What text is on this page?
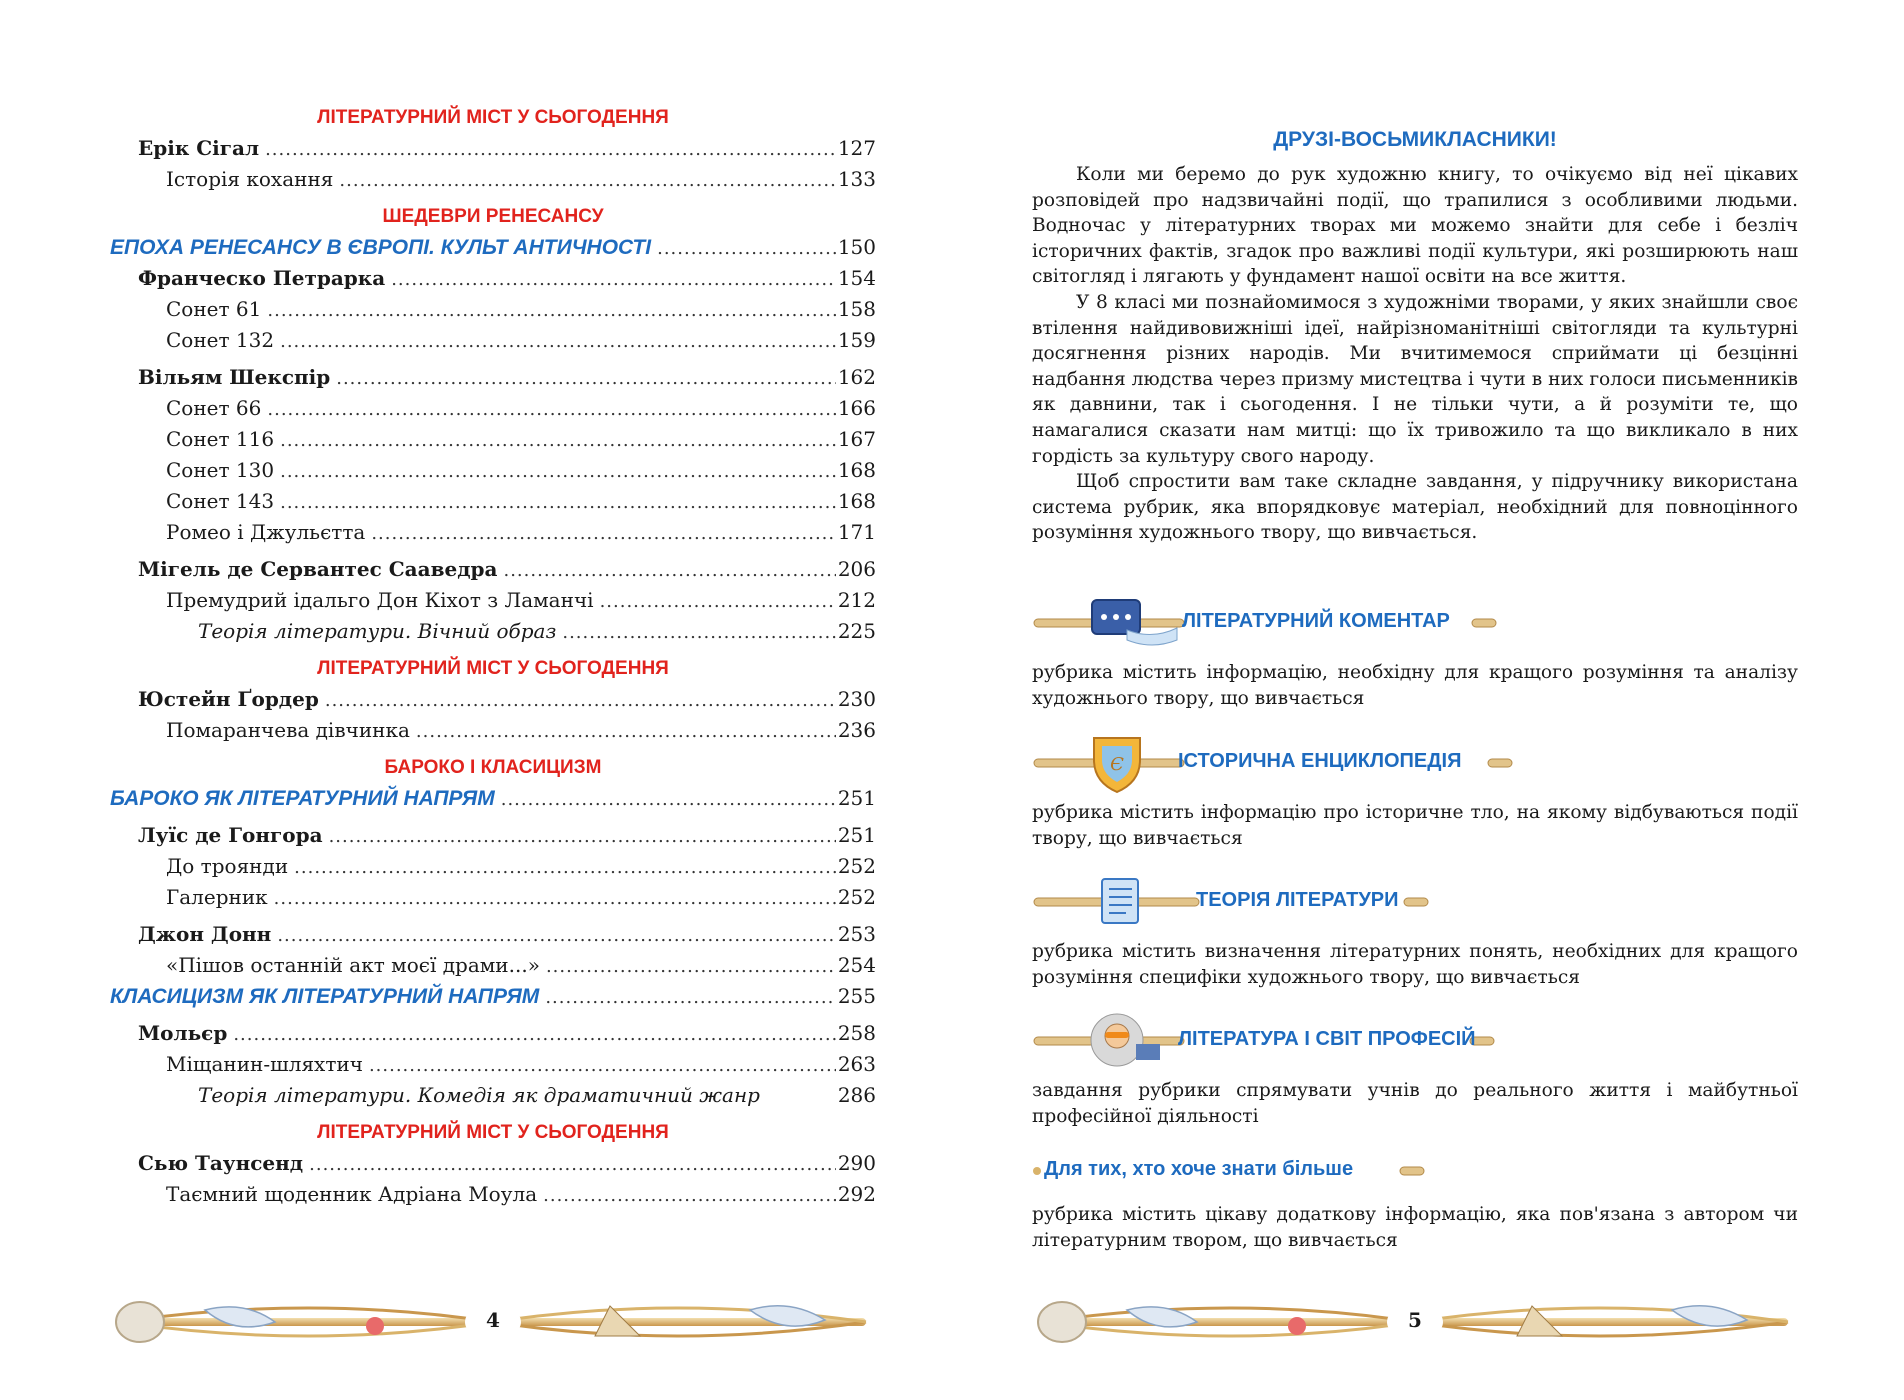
ЛІТЕРАТУРНИЙ МІСТ У СЬОГОДЕННЯ
Ерік Сігал .....	127
Історія кохання .....	133
ШЕДЕВРИ РЕНЕСАНСУ
ЕПОХА РЕНЕСАНСУ В ЄВРОПІ. КУЛЬТ АНТИЧНОСТІ .....	150
Франческо Петрарка .....	154
Сонет 61 .....	158
Сонет 132 .....	159
Вільям Шекспір .....	162
Сонет 66 .....	166
Сонет 116 .....	167
Сонет 130 .....	168
Сонет 143 .....	168
Ромео і Джульєтта .....	171
Мігель де Сервантес Сааведра .....	206
Премудрий ідальго Дон Кіхот з Ламанчі .....	212
Теорія літератури. Вічний образ .....	225
ЛІТЕРАТУРНИЙ МІСТ У СЬОГОДЕННЯ
Юстейн Ґордер .....	230
Помаранчева дівчинка .....	236
БАРОКО І КЛАСИЦИЗМ
БАРОКО ЯК ЛІТЕРАТУРНИЙ НАПРЯМ .....	251
Луїс де Гонгора .....	251
До троянди .....	252
Галерник .....	252
Джон Донн .....	253
«Пішов останній акт моєї драми...» .....	254
КЛАСИЦИЗМ ЯК ЛІТЕРАТУРНИЙ НАПРЯМ .....	255
Мольєр .....	258
Міщанин-шляхтич .....	263
Теорія літератури. Комедія як драматичний жанр	286
ЛІТЕРАТУРНИЙ МІСТ У СЬОГОДЕННЯ
Сью Таунсенд .....	290
Таємний щоденник Адріана Моула .....	292
4
ДРУЗІ-ВОСЬМИКЛАСНИКИ!

Коли ми беремо до рук художню книгу, то очікуємо від неї цікавих розповідей про надзвичайні події, що трапилися з особливими людьми. Водночас у літературних творах ми можемо знайти для себе і безліч історичних фактів, згадок про важливі події культури, які розширюють наш світогляд і лягають у фундамент нашої освіти на все життя.

У 8 класі ми познайомимося з художніми творами, у яких знайшли своє втілення найдивовижніші ідеї, найрізноманітніші світогляди та культурні досягнення різних народів. Ми вчитимемося сприймати ці безцінні надбання людства через призму мистецтва і чути в них голоси письменників як давнини, так і сьогодення. І не тільки чути, а й розуміти те, що намагалися сказати нам митці: що їх тривожило та що викликало в них гордість за культуру свого народу.

Щоб спростити вам таке складне завдання, у підручнику використана система рубрик, яка впорядковує матеріал, необхідний для повноцінного розуміння художнього твору, що вивчається.

ЛІТЕРАТУРНИЙ КОМЕНТАР
рубрика містить інформацію, необхідну для кращого розуміння та аналізу художнього твору, що вивчається
Є	ІСТОРИЧНА ЕНЦИКЛОПЕДІЯ
рубрика містить інформацію про історичне тло, на якому відбуваються події твору, що вивчається
ТЕОРІЯ ЛІТЕРАТУРИ
рубрика містить визначення літературних понять, необхідних для кращого розуміння специфіки художнього твору, що вивчається
ЛІТЕРАТУРА І СВІТ ПРОФЕСІЙ
завдання рубрики спрямувати учнів до реального життя і майбутньої професійної діяльності
Для тих, хто хоче знати більше
рубрика містить цікаву додаткову інформацію, яка пов'язана з автором чи літературним твором, що вивчається
5
